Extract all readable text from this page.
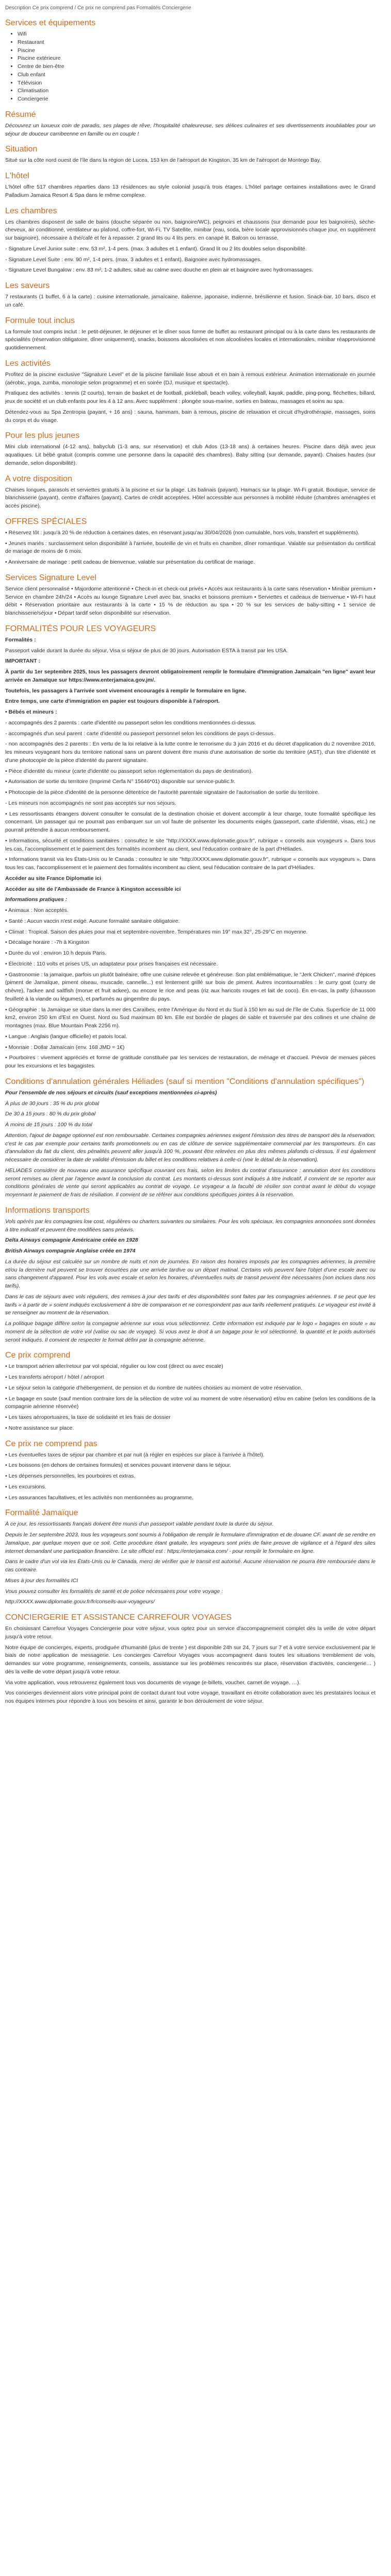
Description Ce prix comprend / Ce prix ne comprend pas Formalités Conciergerie
Services et équipements
• Wifi
• Restaurant
• Piscine
• Piscine extérieure
• Centre de bien-être
• Club enfant
• Télévision
• Climatisation
• Conciergerie
Résumé

Découvrez un luxueux coin de paradis, ses plages de rêve, l'hospitalité chaleureuse, ses délices culinaires et ses divertissements inoubliables pour un séjour de douceur carribeenne en famille ou en couple !

Situation

Situé sur la côte nord ouest de l'île dans la région de Lucea, 153 km de l'aéroport de Kingston, 35 km de l'aéroport de Montego Bay.

L'hôtel

L'hôtel offre 517 chambres réparties dans 13 résidences au style colonial jusqu'à trois étages. L'hôtel partage certaines installations avec le Grand Palladium Jamaica Resort & Spa dans le même complexe.

Les chambres

Les chambres disposent de salle de bains (douche séparée ou non, baignoire/WC), peignoirs et chaussons (sur demande pour les baignoires), sèche-cheveux, air conditionné, ventilateur au plafond, coffre-fort, Wi-Fi, TV Satellite, minibar (eau, soda, bière locale approvisionnés chaque jour, en supplément sur baignoire), nécessaire à thé/café et fer à repasser. 2 grand lits ou 4 lits pers. en canapé lit. Balcon ou terrasse.

- Signature Level Junior suite : env. 53 m², 1-4 pers. (max. 3 adultes et 1 enfant). Grand lit ou 2 lits doubles selon disponibilité.

- Signature Level Suite : env. 90 m², 1-4 pers. (max. 3 adultes et 1 enfant). Baignoire avec hydromassages.

- Signature Level Bungalow : env. 83 m², 1-2 adultes, situé au calme avec douche en plein air et baignoire avec hydromassages.

Les saveurs

7 restaurants (1 buffet, 6 à la carte) : cuisine internationale, jamaïcaine, italienne, japonaise, indienne, brésilienne et fusion. Snack-bar, 10 bars, disco et un café.

Formule tout inclus

La formule tout compris inclut : le petit-déjeuner, le déjeuner et le dîner sous forme de buffet au restaurant principal ou à la carte dans les restaurants de spécialités (réservation obligatoire, dîner uniquement), snacks, boissons alcoolisées et non alcoolisées locales et internationales, minibar réapprovisionné quotidiennement.

Les activités

Profitez de la piscine exclusive "Signature Level" et de la piscine familiale lisse abouti et en bain à remous extérieur. Animation internationale en journée (aérobic, yoga, zumba, monologie selon programme) et en soirée (DJ, musique et spectacle).

Pratiquez des activités : tennis (2 courts), terrain de basket et de football, pickleball, beach volley, volleyball, kayak, paddle, ping-pong, fléchettes, billard, jeux de société et un club enfants pour les 4 à 12 ans. Avec supplément : plongée sous-marine, sorties en bateau, massages et soins au spa.

Détendez-vous au Spa Zentropia (payant, + 16 ans) : sauna, hammam, bain à remous, piscine de relaxation et circuit d'hydrothérapie, massages, soins du corps et du visage.

Pour les plus jeunes

Mini club international (4-12 ans), babyclub (1-3 ans, sur réservation) et club Ados (13-18 ans) à certaines heures. Piscine dans déjà avec jeux aquatiques. Lit bébé gratuit (compris comme une personne dans la capacité des chambres). Baby sitting (sur demande, payant). Chaises hautes (sur demande, selon disponibilité).

A votre disposition

Chaises longues, parasols et serviettes gratuits à la piscine et sur la plage. Lits balinais (payant). Hamacs sur la plage. Wi-Fi gratuit. Boutique, service de blanchisserie (payant), centre d'affaires (payant). Cartes de crédit acceptées. Hôtel accessible aux personnes à mobilité réduite (chambres aménagées et accès piscine).

OFFRES SPÉCIALES

• Réservez tôt : jusqu'à 20 % de réduction à certaines dates, en réservant jusqu'au 30/04/2026 (non cumulable, hors vols, transfert et suppléments).

• Jeunes mariés : surclassement selon disponibilité à l'arrivée, bouteille de vin et fruits en chambre, dîner romantique. Valable sur présentation du certificat de mariage de moins de 6 mois.

• Anniversaire de mariage : petit cadeau de bienvenue, valable sur présentation du certificat de mariage.

Services Signature Level

Service client personnalisé • Majordome attentionné • Check-in et check-out privés • Accès aux restaurants à la carte sans réservation • Minibar premium • Service en chambre 24h/24 • Accès au lounge Signature Level avec bar, snacks et boissons premium • Serviettes et cadeaux de bienvenue • Wi-Fi haut débit • Réservation prioritaire aux restaurants à la carte • 15 % de réduction au spa • 20 % sur les services de baby-sitting • 1 service de blanchisserie/séjour • Départ tardif selon disponibilité sur réservation.

FORMALITÉS POUR LES VOYAGEURS

Formalités :

Passeport valide durant la durée du séjour, Visa si séjour de plus de 30 jours. Autorisation ESTA à transit par les USA.

IMPORTANT :

À partir du 1er septembre 2025, tous les passagers devront obligatoirement remplir le formulaire d'Immigration Jamaïcain "en ligne" avant leur arrivée en Jamaïque sur https://www.enterjamaica.gov.jm/.

Toutefois, les passagers à l'arrivée sont vivement encouragés à remplir le formulaire en ligne.

Entre temps, une carte d'immigration en papier est toujours disponible à l'aéroport.

• Bébés et mineurs :

- accompagnés des 2 parents : carte d'identité ou passeport selon les conditions mentionnées ci-dessus.

- accompagnés d'un seul parent : carte d'identité ou passeport personnel selon les conditions de pays ci-dessus.

- non accompagnés des 2 parents : En vertu de la loi relative à la lutte contre le terrorisme du 3 juin 2016 et du décret d'application du 2 novembre 2016, les mineurs voyageant hors du territoire national sans un parent doivent être munis d'une autorisation de sortie du territoire (AST), d'un titre d'identité et d'une photocopie de la pièce d'identité du parent signataire.

• Pièce d'identité du mineur (carte d'identité ou passeport selon réglementation du pays de destination).

• Autorisation de sortie du territoire (Imprimé Cerfa N° 15646*01) disponible sur service-public.fr.

• Photocopie de la pièce d'identité de la personne détentrice de l'autorité parentale signataire de l'autorisation de sortie du territoire.

- Les mineurs non accompagnés ne sont pas acceptés sur nos séjours.

• Les ressortissants étrangers doivent consulter le consulat de la destination choisie et doivent accomplir à leur charge, toute formalité spécifique les concernant. Un passager qui ne pourrait pas embarquer sur un vol faute de présenter les documents exigés (passeport, carte d'identité, visas, etc.) ne pourrait prétendre à aucun remboursement.

• Informations, sécurité et conditions sanitaires : consultez le site "http://XXXX.www.diplomatie.gouv.fr", rubrique « conseils aux voyageurs ». Dans tous les cas, l'accomplissement et le paiement des formalités incombent au client, seul l'éducation contraire de la part d'Héliades.

• Informations transit via les États-Unis ou le Canada : consultez le site "http://XXXX.www.diplomatie.gouv.fr", rubrique « conseils aux voyageurs ». Dans tous les cas, l'accomplissement et le paiement des formalités incombent au client, seul l'éducation contraire de la part d'Héliades.

Accéder au site France Diplomatie ici

Accéder au site de l'Ambassade de France à Kingston accessible ici

Informations pratiques :

• Animaux : Non acceptés.

• Santé : Aucun vaccin n'est exigé. Aucune formalité sanitaire obligatoire.

• Climat : Tropical. Saison des pluies pour mai et septembre-novembre. Températures min 19° max 32°, 25-29°C en moyenne.

• Décalage horaire : -7h à Kingston

• Durée du vol : environ 10 h depuis Paris.

• Électricité : 110 volts et prises US, un adaptateur pour prises françaises est nécessaire.

• Gastronomie : la jamaïque, parfois un plutôt balnéaire, offre une cuisine relevée et généreuse. Son plat emblématique, le "Jerk Chicken", mariné d'épices (piment de Jamaïque, piment oiseau, muscade, cannelle...) est lentement grillé sur bois de piment. Autres incontournables : le curry goat (curry de chèvre), l'ackee and saltfish (morue et fruit ackee), ou encore le rice and peas (riz aux haricots rouges et lait de coco). En en-cas, la patty (chausson feuilleté à la viande ou légumes), et parfumés au gingembre du pays.

• Géographie : la Jamaïque se situe dans la mer des Caraïbes, entre l'Amérique du Nord et du Sud à 150 km au sud de l'île de Cuba. Superficie de 11 000 km2, environ 250 km d'Est en Ouest. Nord ou Sud maximum 80 km. Elle est bordée de plages de sable et traversée par des collines et une chaîne de montagnes (max. Blue Mountain Peak 2256 m).

• Langue : Anglais (langue officielle) et patois local.

• Monnaie : Dollar Jamaïcain (env. 168 JMD = 1€)

• Pourboires : vivement appréciés et forme de gratitude constituée par les services de restauration, de ménage et d'accueil. Prévoir de menues pièces pour les excursions et les bagagistes.

Conditions d'annulation générales Héliades (sauf si mention "Conditions d'annulation spécifiques")

Pour l'ensemble de nos séjours et circuits (sauf exceptions mentionnées ci-après)

À plus de 30 jours : 35 % du prix global

De 30 à 15 jours : 80 % du prix global

À moins de 15 jours : 100 % du total

Attention, l'ajout de bagage optionnel est non remboursable. Certaines compagnies aériennes exigent l'émission des titres de transport dès la réservation, c'est le cas par exemple pour certains tarifs promotionnels ou en cas de clôture de service supplémentaire commercial par les transporteurs. En cas d'annulation du fait du client, des pénalités peuvent aller jusqu'à 100 %, pouvant être relevées en plus des mêmes plafonds ci-dessus. Il est également nécessaire de considérer la date de validité d'émission du billet et les conditions relatives à celle-ci (voir le détail de la réservation).

HELIADES considère de nouveau une assurance spécifique couvrant ces frais, selon les limites du contrat d'assurance : annulation dont les conditions seront remises au client par l'agence avant la conclusion du contrat. Les montants ci-dessus sont indiqués à titre indicatif, il convient de se reporter aux conditions générales de vente qui seront applicables au contrat de voyage. Le voyageur a la faculté de résilier son contrat avant le début du voyage moyennant le paiement de frais de résiliation. Il convient de se référer aux conditions spécifiques jointes à la réservation.

Informations transports

Vols opérés par les compagnies low cost, régulières ou charters suivantes ou similaires. Pour les vols spéciaux, les compagnies annoncées sont données à titre indicatif et peuvent être modifiées sans préavis.

Delta Airways compagnie Américaine créée en 1928

British Airways compagnie Anglaise créée en 1974

La durée du séjour est calculée sur un nombre de nuits et non de journées. En raison des horaires imposés par les compagnies aériennes, la première et/ou la dernière nuit peuvent se trouver écourtées par une arrivée tardive ou un départ matinal. Certains vols peuvent faire l'objet d'une escale avec ou sans changement d'appareil. Pour les vols avec escale et selon les horaires, d'éventuelles nuits de transit peuvent être nécessaires (non inclues dans nos tarifs).

Dans le cas de séjours avec vols réguliers, des remises à jour des tarifs et des disponibilités sont faites par les compagnies aériennes. Il se peut que les tarifs « à partir de » soient indiqués exclusivement à titre de comparaison et ne correspondent pas aux tarifs réellement pratiqués. Le voyageur est invité à se renseigner au moment de la réservation.

La politique bagage diffère selon la compagnie aérienne sur vous vous sélectionnez. Cette information est indiquée par le logo « bagages en soute » au moment de la sélection de votre vol (valise ou sac de voyage). Si vous avez le droit à un bagage pour le vol sélectionné, la quantité et le poids autorisés seront indiqués. Il convient de respecter le format défini par la compagnie aérienne.

Ce prix comprend

• Le transport aérien aller/retour par vol spécial, régulier ou low cost (direct ou avec escale)

• Les transferts aéroport / hôtel / aéroport

• Le séjour selon la catégorie d'hébergement, de pension et du nombre de nuitées choisies au moment de votre réservation.

• Le bagage en soute (sauf mention contraire lors de la sélection de votre vol au moment de votre réservation) et/ou en cabine (selon les conditions de la compagnie aérienne réservée)

• Les taxes aéroportuaires, la taxe de solidarité et les frais de dossier

• Notre assistance sur place.

Ce prix ne comprend pas

• Les éventuelles taxes de séjour par chambre et par nuit (à régler en espèces sur place à l'arrivée à l'hôtel).

• Les boissons (en dehors de certaines formules) et services pouvant intervenir dans le séjour.

• Les dépenses personnelles, les pourboires et extras.

• Les excursions.

• Les assurances facultatives, et les activités non mentionnées au programme.

Formalité Jamaïque

À ce jour, les ressortissants français doivent être munis d'un passeport valable pendant toute la durée du séjour.

Depuis le 1er septembre 2023, tous les voyageurs sont soumis à l'obligation de remplir le formulaire d'immigration et de douane CF. avant de se rendre en Jamaïque, par quelque moyen que ce soit. Cette procédure étant gratuite, les voyageurs sont priés de faire preuve de vigilance et à l'égard des sites internet demandant une participation financière. Le site officiel est : https://enterjamaica.com/ - pour remplir le formulaire en ligne.

Dans le cadre d'un vol via les États-Unis ou le Canada, merci de vérifier que le transit est autorisé. Aucune réservation ne pourra être remboursée dans le cas contraire.

Mises à jour des formalités ICI

Vous pouvez consulter les formalités de santé et de police nécessaires pour votre voyage :

http://XXXX.www.diplomatie.gouv.fr/fr/conseils-aux-voyageurs/

CONCIERGERIE ET ASSISTANCE CARREFOUR VOYAGES

En choisissant Carrefour Voyages Conciergerie pour votre séjour, vous optez pour un service d'accompagnement complet dès la veille de votre départ jusqu'à votre retour.

Notre équipe de concierges, experts, prodiguée d'humanité (plus de trente ) est disponible 24h sur 24, 7 jours sur 7 et à votre service exclusivement par le biais de notre application de messagerie. Les concierges Carrefour Voyages vous accompagnent dans toutes les situations tremblement de vols, demandes sur votre programme, renseignements, conseils, assistance sur les problèmes rencontrés sur place, réservation d'activités, conciergerie… ) dès la veille de votre départ jusqu'à votre retour.

Via votre application, vous retrouverez également tous vos documents de voyage (e-billets, voucher, carnet de voyage, …).

Vos concierges deviennent alors votre principal point de contact durant tout votre voyage, travaillant en étroite collaboration avec les prestataires locaux et nos équipes internes pour répondre à tous vos besoins et ainsi, garantir le bon déroulement de votre séjour.
